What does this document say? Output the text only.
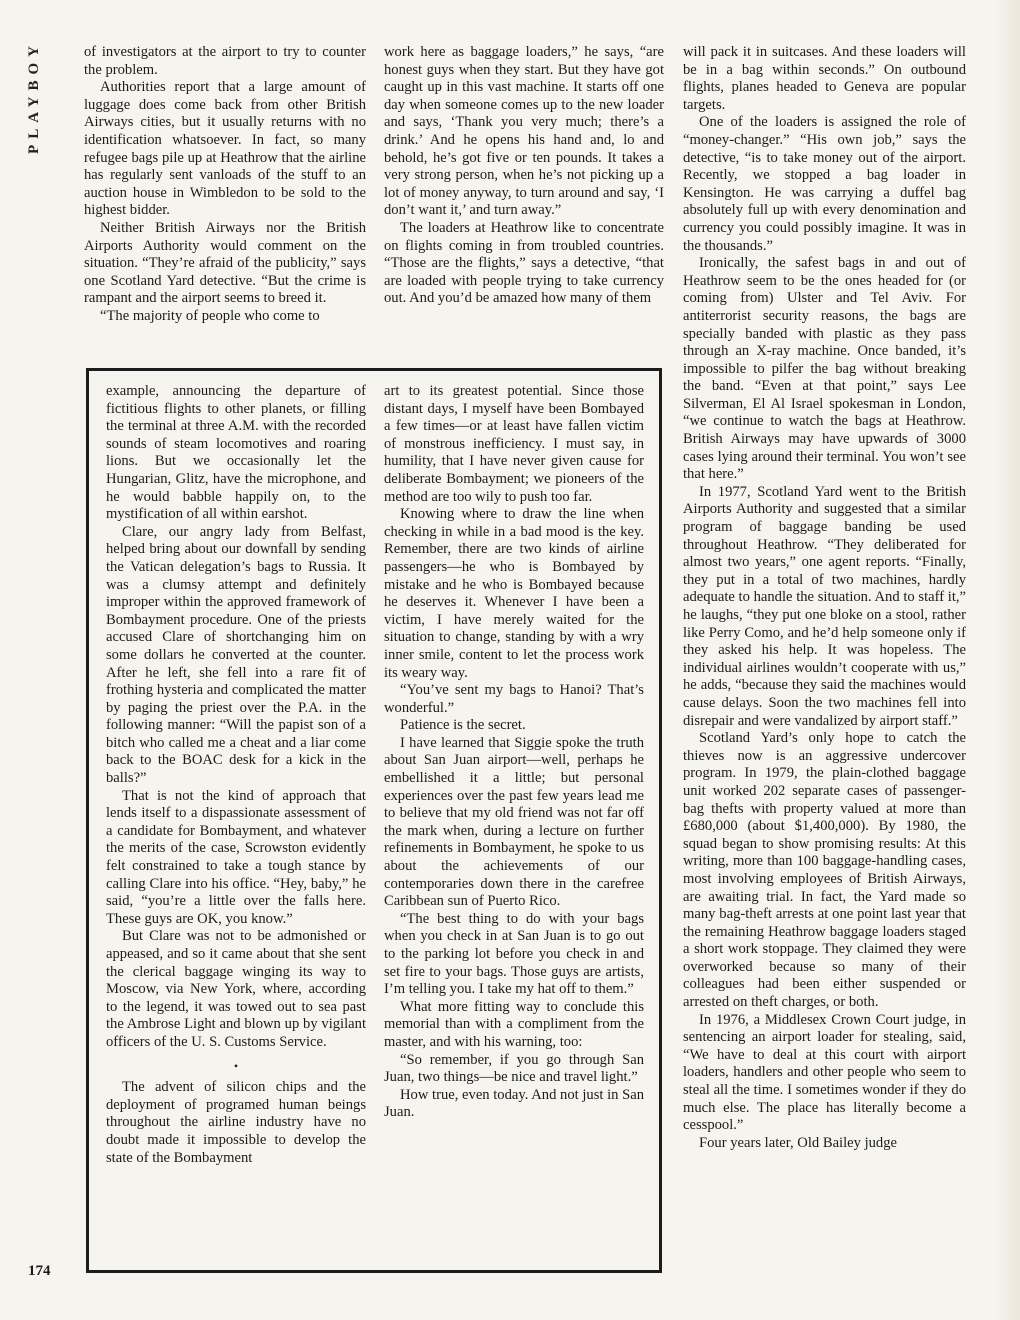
PLAYBOY	of investigators at the airport to try to counter the problem.

Authorities report that a large amount of luggage does come back from other British Airways cities, but it usually returns with no identification whatsoever. In fact, so many refugee bags pile up at Heathrow that the airline has regularly sent vanloads of the stuff to an auction house in Wimbledon to be sold to the highest bidder.

Neither British Airways nor the British Airports Authority would comment on the situation. “They’re afraid of the publicity,” says one Scotland Yard detective. “But the crime is rampant and the airport seems to breed it.

“The majority of people who come to

work here as baggage loaders,” he says, “are honest guys when they start. But they have got caught up in this vast machine. It starts off one day when someone comes up to the new loader and says, ‘Thank you very much; there’s a drink.’ And he opens his hand and, lo and behold, he’s got five or ten pounds. It takes a very strong person, when he’s not picking up a lot of money anyway, to turn around and say, ‘I don’t want it,’ and turn away.”

The loaders at Heathrow like to concentrate on flights coming in from troubled countries. “Those are the flights,” says a detective, “that are loaded with people trying to take currency out. And you’d be amazed how many of them

will pack it in suitcases. And these loaders will be in a bag within seconds.” On outbound flights, planes headed to Geneva are popular targets.

One of the loaders is assigned the role of “money-changer.” “His own job,” says the detective, “is to take money out of the airport. Recently, we stopped a bag loader in Kensington. He was carrying a duffel bag absolutely full up with every denomination and currency you could possibly imagine. It was in the thousands.”

Ironically, the safest bags in and out of Heathrow seem to be the ones headed for (or coming from) Ulster and Tel Aviv. For antiterrorist security reasons, the bags are specially banded with plastic as they pass through an X-ray machine. Once banded, it’s impossible to pilfer the bag without breaking the band. “Even at that point,” says Lee Silverman, El Al Israel spokesman in London, “we continue to watch the bags at Heathrow. British Airways may have upwards of 3000 cases lying around their terminal. You won’t see that here.”

In 1977, Scotland Yard went to the British Airports Authority and suggested that a similar program of baggage banding be used throughout Heathrow. “They deliberated for almost two years,” one agent reports. “Finally, they put in a total of two machines, hardly adequate to handle the situation. And to staff it,” he laughs, “they put one bloke on a stool, rather like Perry Como, and he’d help someone only if they asked his help. It was hopeless. The individual airlines wouldn’t cooperate with us,” he adds, “because they said the machines would cause delays. Soon the two machines fell into disrepair and were vandalized by airport staff.”

Scotland Yard’s only hope to catch the thieves now is an aggressive undercover program. In 1979, the plain-clothed baggage unit worked 202 separate cases of passenger-bag thefts with property valued at more than £680,000 (about $1,400,000). By 1980, the squad began to show promising results: At this writing, more than 100 baggage-handling cases, most involving employees of British Airways, are awaiting trial. In fact, the Yard made so many bag-theft arrests at one point last year that the remaining Heathrow baggage loaders staged a short work stoppage. They claimed they were overworked because so many of their colleagues had been either suspended or arrested on theft charges, or both.

In 1976, a Middlesex Crown Court judge, in sentencing an airport loader for stealing, said, “We have to deal at this court with airport loaders, handlers and other people who seem to steal all the time. I sometimes wonder if they do much else. The place has literally become a cesspool.”

Four years later, Old Bailey judge

example, announcing the departure of fictitious flights to other planets, or filling the terminal at three A.M. with the recorded sounds of steam locomotives and roaring lions. But we occasionally let the Hungarian, Glitz, have the microphone, and he would babble happily on, to the mystification of all within earshot.

Clare, our angry lady from Belfast, helped bring about our downfall by sending the Vatican delegation’s bags to Russia. It was a clumsy attempt and definitely improper within the approved framework of Bombayment procedure. One of the priests accused Clare of shortchanging him on some dollars he converted at the counter. After he left, she fell into a rare fit of frothing hysteria and complicated the matter by paging the priest over the P.A. in the following manner: “Will the papist son of a bitch who called me a cheat and a liar come back to the BOAC desk for a kick in the balls?”

That is not the kind of approach that lends itself to a dispassionate assessment of a candidate for Bombayment, and whatever the merits of the case, Scrowston evidently felt constrained to take a tough stance by calling Clare into his office. “Hey, baby,” he said, “you’re a little over the falls here. These guys are OK, you know.”

But Clare was not to be admonished or appeased, and so it came about that she sent the clerical baggage winging its way to Moscow, via New York, where, according to the legend, it was towed out to sea past the Ambrose Light and blown up by vigilant officers of the U. S. Customs Service.

•

The advent of silicon chips and the deployment of programed human beings throughout the airline industry have no doubt made it impossible to develop the state of the Bombayment

art to its greatest potential. Since those distant days, I myself have been Bombayed a few times—or at least have fallen victim of monstrous inefficiency. I must say, in humility, that I have never given cause for deliberate Bombayment; we pioneers of the method are too wily to push too far.

Knowing where to draw the line when checking in while in a bad mood is the key. Remember, there are two kinds of airline passengers—he who is Bombayed by mistake and he who is Bombayed because he deserves it. Whenever I have been a victim, I have merely waited for the situation to change, standing by with a wry inner smile, content to let the process work its weary way.

“You’ve sent my bags to Hanoi? That’s wonderful.”

Patience is the secret.

I have learned that Siggie spoke the truth about San Juan airport—well, perhaps he embellished it a little; but personal experiences over the past few years lead me to believe that my old friend was not far off the mark when, during a lecture on further refinements in Bombayment, he spoke to us about the achievements of our contemporaries down there in the carefree Caribbean sun of Puerto Rico.

“The best thing to do with your bags when you check in at San Juan is to go out to the parking lot before you check in and set fire to your bags. Those guys are artists, I’m telling you. I take my hat off to them.”

What more fitting way to conclude this memorial than with a compliment from the master, and with his warning, too:

“So remember, if you go through San Juan, two things—be nice and travel light.”

How true, even today. And not just in San Juan.

174
